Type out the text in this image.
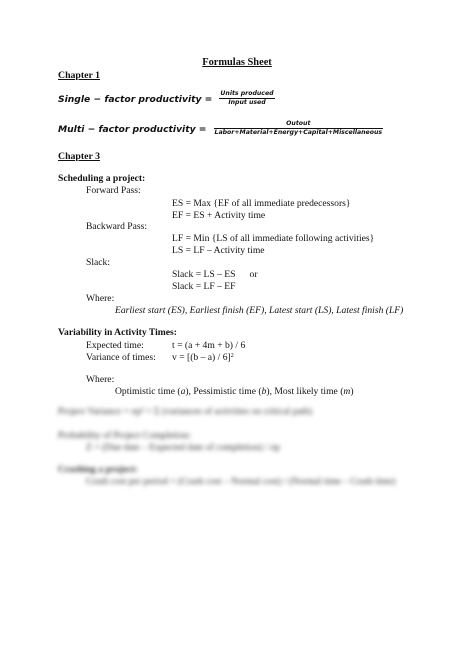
Formulas Sheet
Chapter 1
Single − factor productivity = $\frac{\text{Units produced}}{\text{Input used}}$
Multi − factor productivity = $\frac{\text{Outout}}{\text{Labor+Material+Energy+Capital+Miscellaneous}}$
Chapter 3
Scheduling a project:
Forward Pass:
ES = Max {EF of all immediate predecessors}
EF = ES + Activity time
Backward Pass:
LF = Min {LS of all immediate following activities}
LS = LF – Activity time
Slack:
Slack = LS – ES or
Slack = LF – EF
Where:
Earliest start (ES), Earliest finish (EF), Latest start (LS), Latest finish (LF)
Variability in Activity Times:
Expected time:	t = (a + 4m + b) / 6
Variance of times: v = [(b – a) / 6]$^2$
Where:
Optimistic time (a), Pessimistic time (b), Most likely time (m)
Project Variance = σp² = Σ (variances of activities on critical path)
Probability of Project Completion:
Z = (Due date – Expected date of completion) / σp
Crashing a project:
Crash cost per period = (Crash cost – Normal cost) / (Normal time – Crash time)
